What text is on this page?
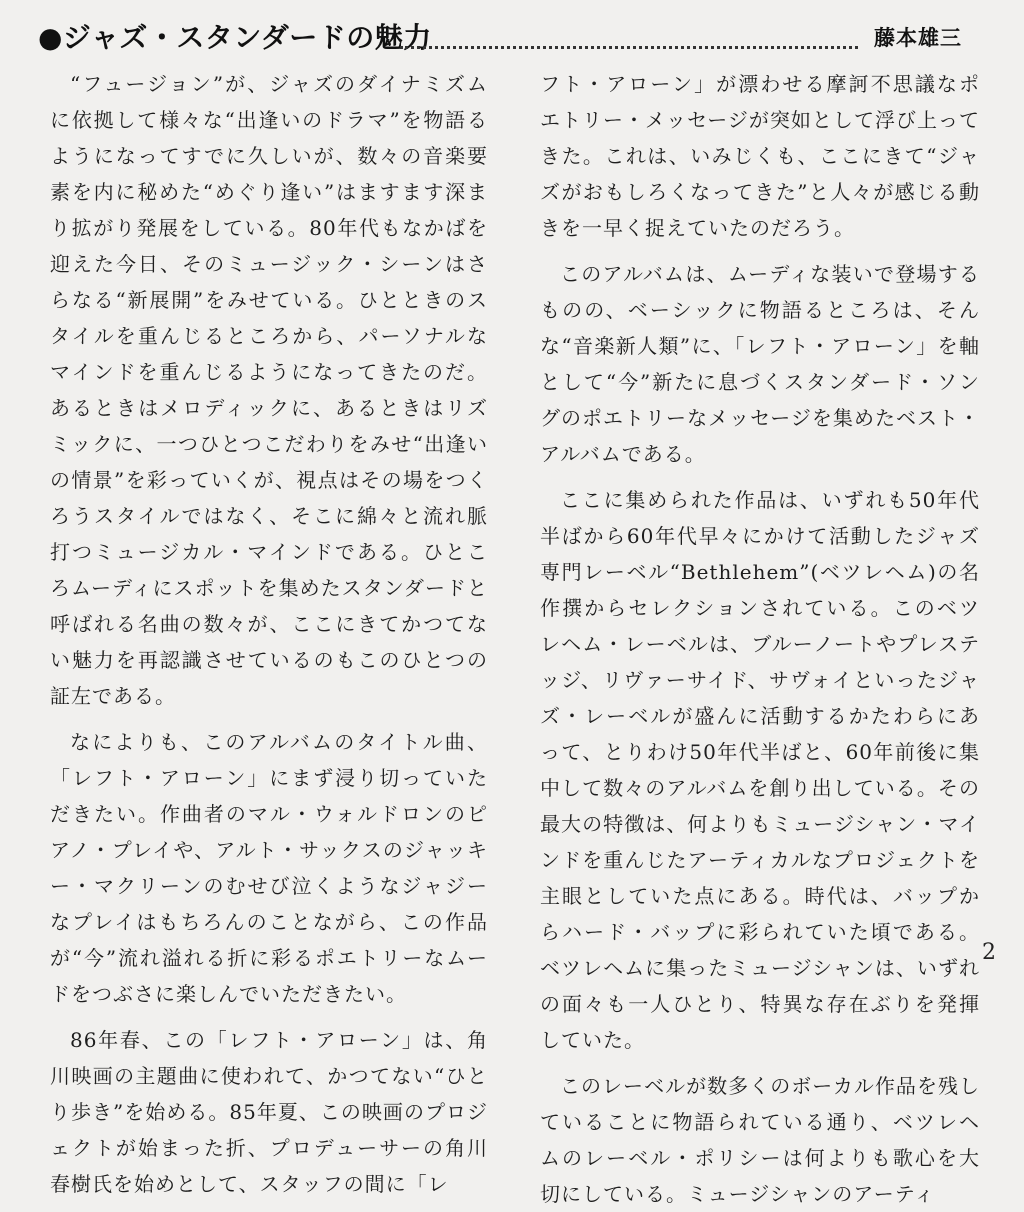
●ジャズ・スタンダードの魅力	藤本雄三

“フュージョン”が、ジャズのダイナミズムに依拠して様々な“出逢いのドラマ”を物語るようになってすでに久しいが、数々の音楽要素を内に秘めた“めぐり逢い”はますます深まり拡がり発展をしている。80年代もなかばを迎えた今日、そのミュージック・シーンはさらなる“新展開”をみせている。ひとときのスタイルを重んじるところから、パーソナルなマインドを重んじるようになってきたのだ。あるときはメロディックに、あるときはリズミックに、一つひとつこだわりをみせ“出逢いの情景”を彩っていくが、視点はその場をつくろうスタイルではなく、そこに綿々と流れ脈打つミュージカル・マインドである。ひところムーディにスポットを集めたスタンダードと呼ばれる名曲の数々が、ここにきてかつてない魅力を再認識させているのもこのひとつの証左である。

なによりも、このアルバムのタイトル曲、「レフト・アローン」にまず浸り切っていただきたい。作曲者のマル・ウォルドロンのピアノ・プレイや、アルト・サックスのジャッキー・マクリーンのむせび泣くようなジャジーなプレイはもちろんのことながら、この作品が“今”流れ溢れる折に彩るポエトリーなムードをつぶさに楽しんでいただきたい。

86年春、この「レフト・アローン」は、角川映画の主題曲に使われて、かつてない“ひとり歩き”を始める。85年夏、この映画のプロジェクトが始まった折、プロデューサーの角川春樹氏を始めとして、スタッフの間に「レ

フト・アローン」が漂わせる摩訶不思議なポエトリー・メッセージが突如として浮び上ってきた。これは、いみじくも、ここにきて“ジャズがおもしろくなってきた”と人々が感じる動きを一早く捉えていたのだろう。

このアルバムは、ムーディな装いで登場するものの、ベーシックに物語るところは、そんな“音楽新人類”に、「レフト・アローン」を軸として“今”新たに息づくスタンダード・ソングのポエトリーなメッセージを集めたベスト・アルバムである。

ここに集められた作品は、いずれも50年代半ばから60年代早々にかけて活動したジャズ専門レーベル“Bethlehem”(ベツレヘム)の名作撰からセレクションされている。このベツレヘム・レーベルは、ブルーノートやプレステッジ、リヴァーサイド、サヴォイといったジャズ・レーベルが盛んに活動するかたわらにあって、とりわけ50年代半ばと、60年前後に集中して数々のアルバムを創り出している。その最大の特徴は、何よりもミュージシャン・マインドを重んじたアーティカルなプロジェクトを主眼としていた点にある。時代は、バップからハード・バップに彩られていた頃である。ベツレヘムに集ったミュージシャンは、いずれの面々も一人ひとり、特異な存在ぶりを発揮していた。

このレーベルが数多くのボーカル作品を残していることに物語られている通り、ベツレヘムのレーベル・ポリシーは何よりも歌心を大切にしている。ミュージシャンのアーティ

2
